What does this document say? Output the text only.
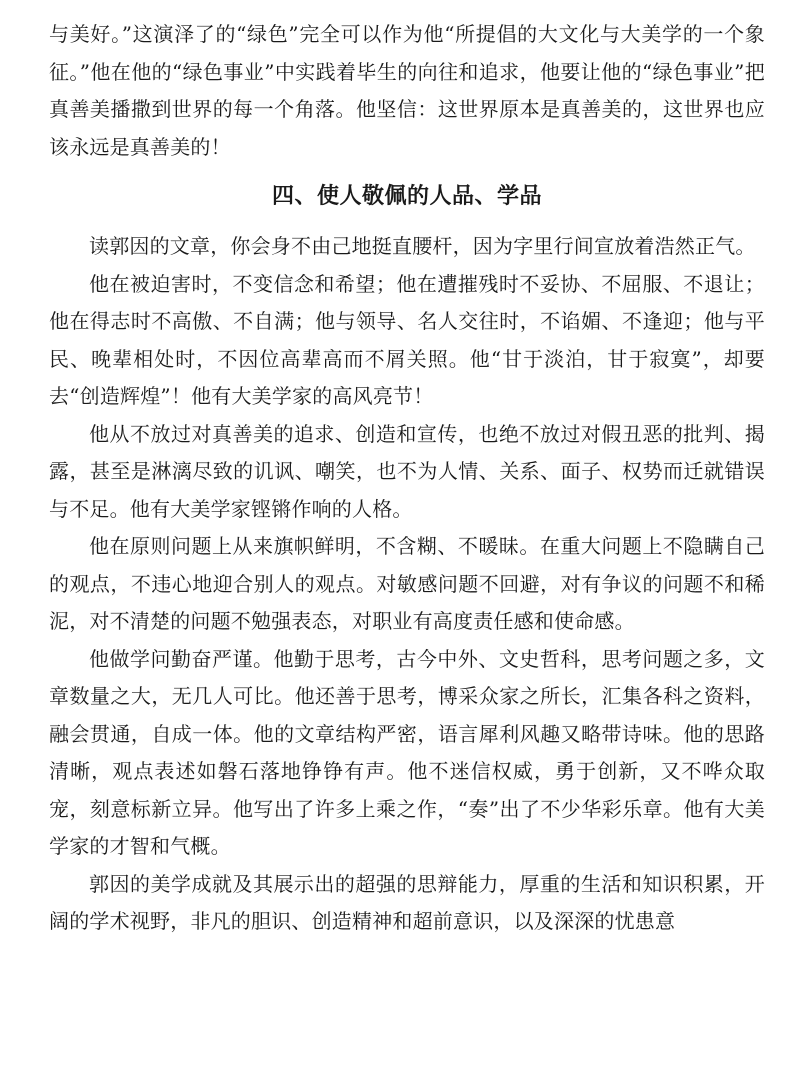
与美好。”这演泽了的“绿色”完全可以作为他“所提倡的大文化与大美学的一个象征。”他在他的“绿色事业”中实践着毕生的向往和追求，他要让他的“绿色事业”把真善美播撒到世界的每一个角落。他坚信：这世界原本是真善美的，这世界也应该永远是真善美的！

四、使人敬佩的人品、学品

读郭因的文章，你会身不由己地挺直腰杆，因为字里行间宣放着浩然正气。

他在被迫害时，不变信念和希望；他在遭摧残时不妥协、不屈服、不退让；他在得志时不高傲、不自满；他与领导、名人交往时，不谄媚、不逢迎；他与平民、晚辈相处时，不因位高辈高而不屑关照。他“甘于淡泊，甘于寂寞”，却要去“创造辉煌”！他有大美学家的高风亮节！

他从不放过对真善美的追求、创造和宣传，也绝不放过对假丑恶的批判、揭露，甚至是淋漓尽致的讥讽、嘲笑，也不为人情、关系、面子、权势而迁就错误与不足。他有大美学家铿锵作响的人格。

他在原则问题上从来旗帜鲜明，不含糊、不暖昧。在重大问题上不隐瞒自己的观点，不违心地迎合别人的观点。对敏感问题不回避，对有争议的问题不和稀泥，对不清楚的问题不勉强表态，对职业有高度责任感和使命感。

他做学问勤奋严谨。他勤于思考，古今中外、文史哲科，思考问题之多，文章数量之大，无几人可比。他还善于思考，博采众家之所长，汇集各科之资料，融会贯通，自成一体。他的文章结构严密，语言犀利风趣又略带诗味。他的思路清晰，观点表述如磐石落地铮铮有声。他不迷信权威，勇于创新，又不哗众取宠，刻意标新立异。他写出了许多上乘之作，“奏”出了不少华彩乐章。他有大美学家的才智和气概。

郭因的美学成就及其展示出的超强的思辩能力，厚重的生活和知识积累，开阔的学术视野，非凡的胆识、创造精神和超前意识，以及深深的忧患意
